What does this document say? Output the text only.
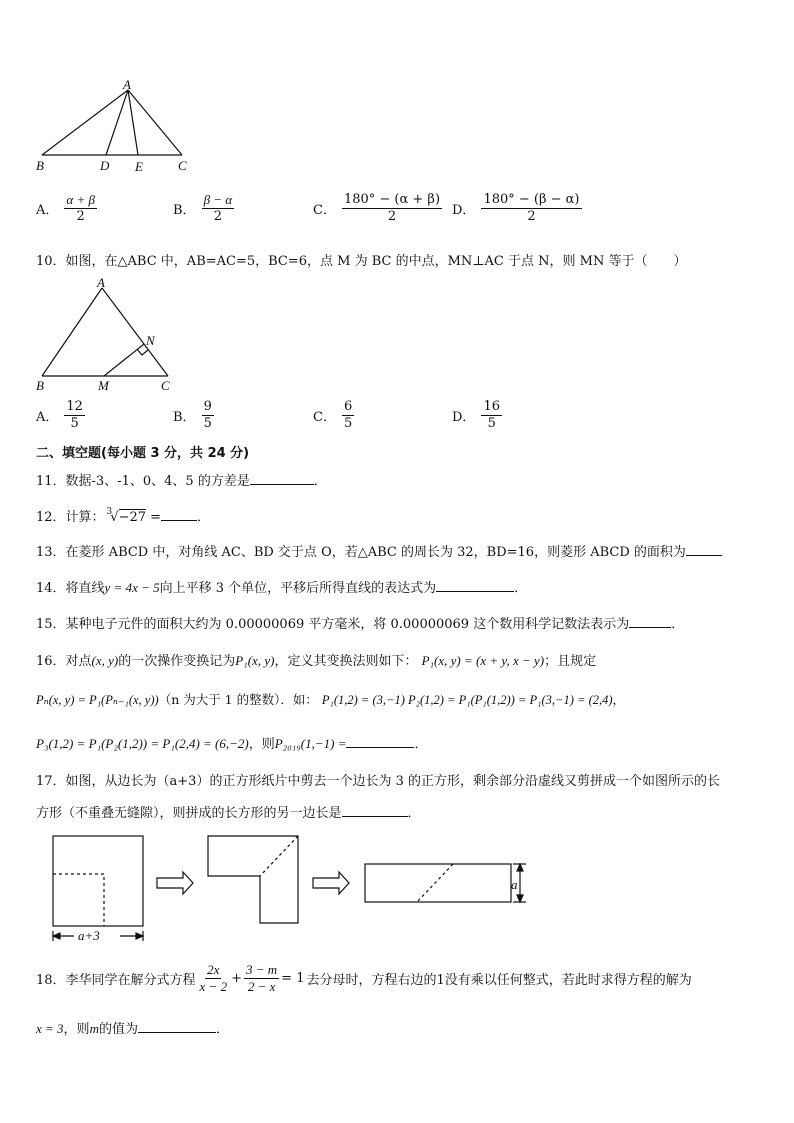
A
B	D E	C
A． $\frac{\alpha + \beta}{2}$	B． $\frac{\beta - \alpha}{2}$	C． $\frac{180^\circ - (\alpha + \beta)}{2}$ D． $\frac{180^\circ - (\beta - \alpha)}{2}$
10．如图，在△ABC 中，AB=AC=5，BC=6，点 M 为 BC 的中点，MN⊥AC 于点 N，则 MN 等于（　　）
A
N
B	M	C
A． $\frac{12}{5}$	B． $\frac{9}{5}$	C． $\frac{6}{5}$	D． $\frac{16}{5}$
二、填空题(每小题 3 分，共 24 分)
11．数据-3、-1、0、4、5 的方差是	．
12．计算： $^3$√−27 =	．
13．在菱形 ABCD 中，对角线 AC、BD 交于点 O，若△ABC 的周长为 32，BD=16，则菱形 ABCD 的面积为
14．将直线y = 4x − 5向上平移 3 个单位，平移后所得直线的表达式为	．
15．某种电子元件的面积大约为 0.00000069 平方毫米，将 0.00000069 这个数用科学记数法表示为	．
16．对点(x, y)的一次操作变换记为P₁(x, y)，定义其变换法则如下： P₁(x, y) = (x + y, x − y)；且规定
Pₙ(x, y) = P₁(Pₙ₋₁(x, y))（n 为大于 1 的整数）．如： P₁(1,2) = (3,−1) P₂(1,2) = P₁(P₁(1,2)) = P₁(3,−1) = (2,4)，
P₃(1,2) = P₁(P₂(1,2)) = P₁(2,4) = (6,−2)，则P₂₀₁₉(1,−1) =	．
17．如图，从边长为（a+3）的正方形纸片中剪去一个边长为 3 的正方形，剩余部分沿虚线又剪拼成一个如图所示的长
方形（不重叠无缝隙），则拼成的长方形的另一边长是	．
a+3
a
18．李华同学在解分式方程 $\frac{2x}{x - 2} + \frac{3 - m}{2 - x} = 1$ 去分母时，方程右边的1没有乘以任何整式，若此时求得方程的解为
x = 3，则m的值为	．
